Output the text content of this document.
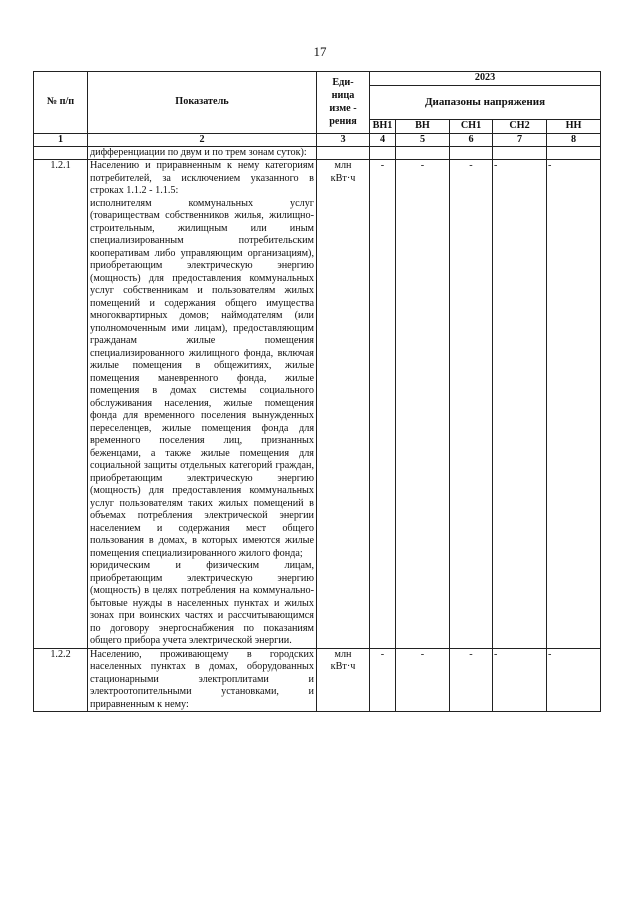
17
№ п/п	Показатель	Еди-
ница
изме -
рения	2023				
			Диапазоны напряжения				
			ВН1	ВН	СН1	СН2	НН
1	2	3	4	5	6	7	8
	дифференциации по двум и по трем зонам суток):						
1.2.1	Населению и приравненным к нему категориям потребителей, за исключением указанного в строках 1.1.2 - 1.1.5:
исполнителям коммунальных услуг (товариществам собственников жилья, жилищно-строительным, жилищным или иным специализированным потребительским кооперативам либо управляющим организациям), приобретающим электрическую энергию (мощность) для предоставления коммунальных услуг собственникам и пользователям жилых помещений и содержания общего имущества многоквартирных домов; наймодателям (или уполномоченным ими лицам), предоставляющим гражданам жилые помещения специализированного жилищного фонда, включая жилые помещения в общежитиях, жилые помещения маневренного фонда, жилые помещения в домах системы социального обслуживания населения, жилые помещения фонда для временного поселения вынужденных переселенцев, жилые помещения фонда для временного поселения лиц, признанных беженцами, а также жилые помещения для социальной защиты отдельных категорий граждан, приобретающим электрическую энергию (мощность) для предоставления коммунальных услуг пользователям таких жилых помещений в объемах потребления электрической энергии населением и содержания мест общего пользования в домах, в которых имеются жилые помещения специализированного жилого фонда;
юридическим и физическим лицам, приобретающим электрическую энергию (мощность) в целях потребления на коммунально-бытовые нужды в населенных пунктах и жилых зонах при воинских частях и рассчитывающимся по договору энергоснабжения по показаниям общего прибора учета электрической энергии.	млн
кВт·ч	-	-	-	-	-
1.2.2	Населению, проживающему в городских населенных пунктах в домах, оборудованных стационарными электроплитами и электроотопительными установками, и приравненным к нему:	млн
кВт·ч	-	-	-	-	-
